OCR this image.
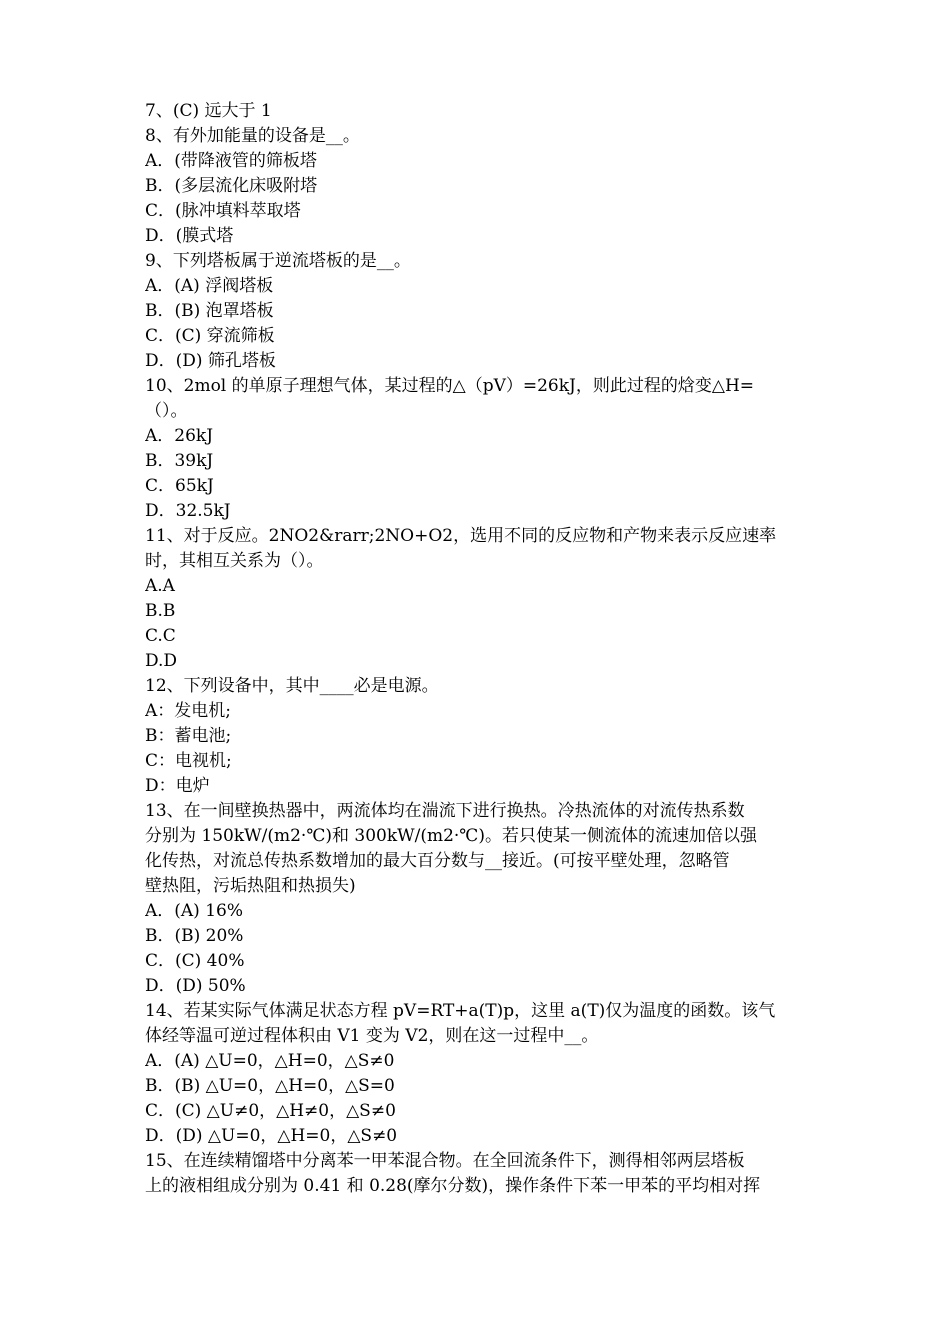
7、(C) 远大于 1
8、有外加能量的设备是__。
A．(带降液管的筛板塔
B．(多层流化床吸附塔
C．(脉冲填料萃取塔
D．(膜式塔
9、下列塔板属于逆流塔板的是__。
A．(A) 浮阀塔板
B．(B) 泡罩塔板
C．(C) 穿流筛板
D．(D) 筛孔塔板
10、2mol 的单原子理想气体，某过程的△（pV）=26kJ，则此过程的焓变△H=
（）。
A．26kJ
B．39kJ
C．65kJ
D．32.5kJ
11、对于反应。2NO2&rarr;2NO+O2，选用不同的反应物和产物来表示反应速率
时，其相互关系为（）。
A.A
B.B
C.C
D.D
12、下列设备中，其中____必是电源。
A：发电机;
B：蓄电池;
C：电视机;
D：电炉
13、在一间壁换热器中，两流体均在湍流下进行换热。冷热流体的对流传热系数
分别为 150kW/(m2·℃)和 300kW/(m2·℃)。若只使某一侧流体的流速加倍以强
化传热，对流总传热系数增加的最大百分数与__接近。(可按平壁处理，忽略管
壁热阻，污垢热阻和热损失)
A．(A) 16%
B．(B) 20%
C．(C) 40%
D．(D) 50%
14、若某实际气体满足状态方程 pV=RT+a(T)p，这里 a(T)仅为温度的函数。该气
体经等温可逆过程体积由 V1 变为 V2，则在这一过程中__。
A．(A) △U=0，△H=0，△S≠0
B．(B) △U=0，△H=0，△S=0
C．(C) △U≠0，△H≠0，△S≠0
D．(D) △U=0，△H=0，△S≠0
15、在连续精馏塔中分离苯一甲苯混合物。在全回流条件下，测得相邻两层塔板
上的液相组成分别为 0.41 和 0.28(摩尔分数)，操作条件下苯一甲苯的平均相对挥
